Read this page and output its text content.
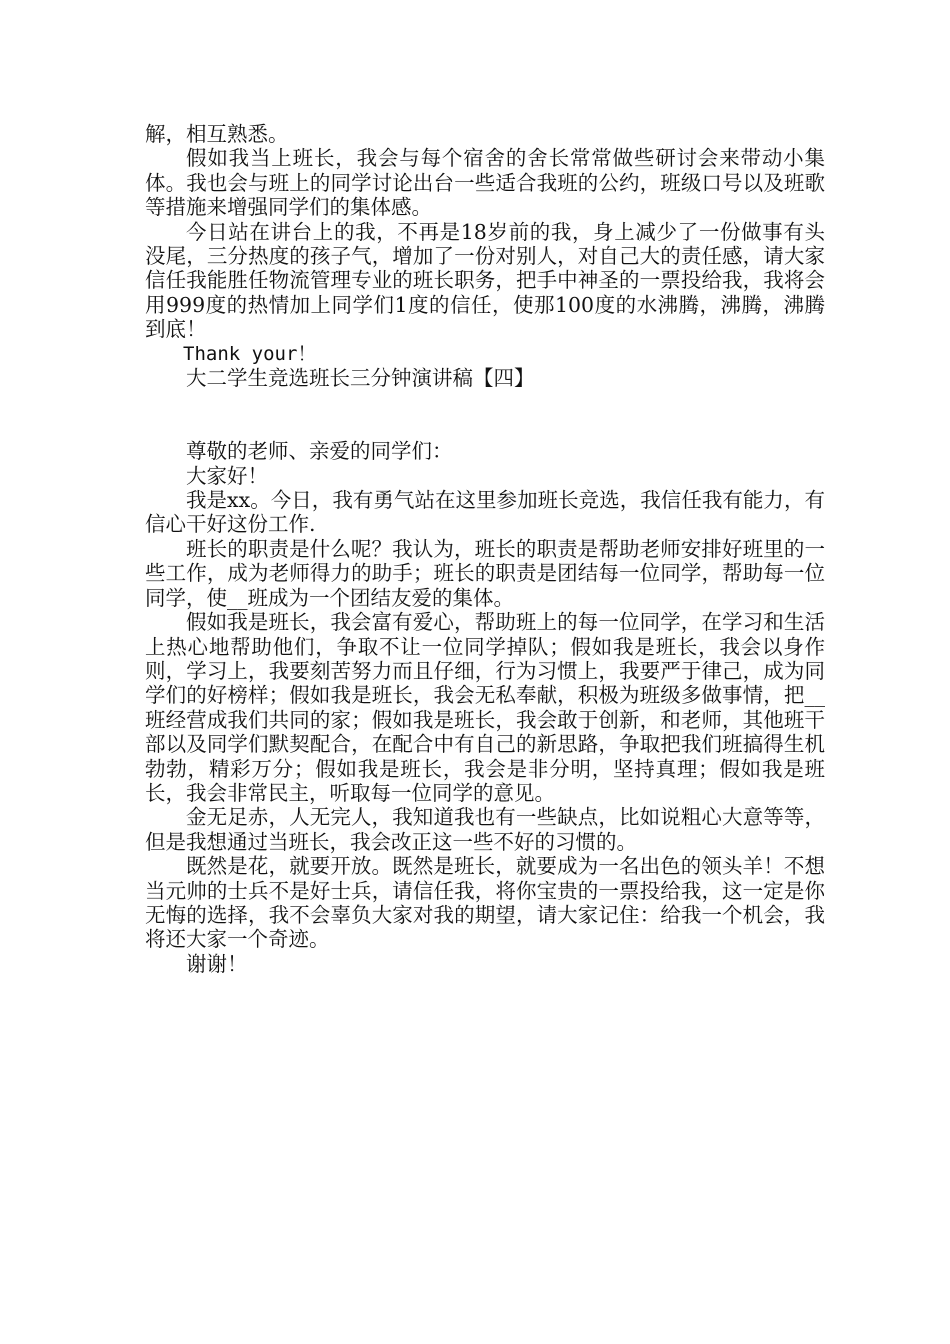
解，相互熟悉。

假如我当上班长，我会与每个宿舍的舍长常常做些研讨会来带动小集体。我也会与班上的同学讨论出台一些适合我班的公约，班级口号以及班歌等措施来增强同学们的集体感。

今日站在讲台上的我，不再是18岁前的我，身上减少了一份做事有头没尾，三分热度的孩子气，增加了一份对别人，对自己大的责任感，请大家信任我能胜任物流管理专业的班长职务，把手中神圣的一票投给我，我将会用999度的热情加上同学们1度的信任，使那100度的水沸腾，沸腾，沸腾到底！

Thank your！

大二学生竞选班长三分钟演讲稿【四】

尊敬的老师、亲爱的同学们：

大家好！

我是xx。今日，我有勇气站在这里参加班长竞选，我信任我有能力，有信心干好这份工作.

班长的职责是什么呢？我认为，班长的职责是帮助老师安排好班里的一些工作，成为老师得力的助手；班长的职责是团结每一位同学，帮助每一位同学，使__班成为一个团结友爱的集体。

假如我是班长，我会富有爱心，帮助班上的每一位同学，在学习和生活上热心地帮助他们，争取不让一位同学掉队；假如我是班长，我会以身作则，学习上，我要刻苦努力而且仔细，行为习惯上，我要严于律己，成为同学们的好榜样；假如我是班长，我会无私奉献，积极为班级多做事情，把__班经营成我们共同的家；假如我是班长，我会敢于创新，和老师，其他班干部以及同学们默契配合，在配合中有自己的新思路，争取把我们班搞得生机勃勃，精彩万分；假如我是班长，我会是非分明，坚持真理；假如我是班长，我会非常民主，听取每一位同学的意见。

金无足赤，人无完人，我知道我也有一些缺点，比如说粗心大意等等，但是我想通过当班长，我会改正这一些不好的习惯的。

既然是花，就要开放。既然是班长，就要成为一名出色的领头羊！不想当元帅的士兵不是好士兵，请信任我，将你宝贵的一票投给我，这一定是你无悔的选择，我不会辜负大家对我的期望，请大家记住：给我一个机会，我将还大家一个奇迹。

谢谢！
